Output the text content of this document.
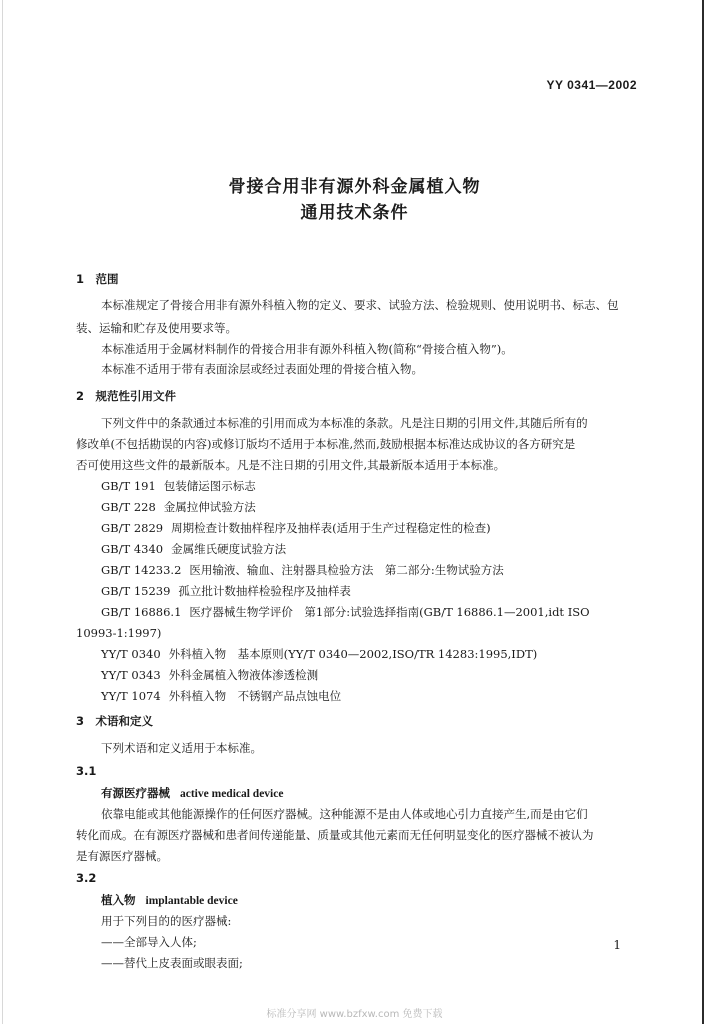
YY 0341—2002
骨接合用非有源外科金属植入物
通用技术条件
1　范围
本标准规定了骨接合用非有源外科植入物的定义、要求、试验方法、检验规则、使用说明书、标志、包
装、运输和贮存及使用要求等。
本标准适用于金属材料制作的骨接合用非有源外科植入物(简称“骨接合植入物”)。
本标准不适用于带有表面涂层或经过表面处理的骨接合植入物。
2　规范性引用文件
下列文件中的条款通过本标准的引用而成为本标准的条款。凡是注日期的引用文件,其随后所有的
修改单(不包括勘误的内容)或修订版均不适用于本标准,然而,鼓励根据本标准达成协议的各方研究是
否可使用这些文件的最新版本。凡是不注日期的引用文件,其最新版本适用于本标准。
GB/T 191 包装储运图示标志
GB/T 228 金属拉伸试验方法
GB/T 2829 周期检查计数抽样程序及抽样表(适用于生产过程稳定性的检查)
GB/T 4340 金属维氏硬度试验方法
GB/T 14233.2 医用输液、输血、注射器具检验方法　第二部分:生物试验方法
GB/T 15239 孤立批计数抽样检验程序及抽样表
GB/T 16886.1 医疗器械生物学评价　第1部分:试验选择指南(GB/T 16886.1—2001,idt ISO
10993-1:1997)
YY/T 0340 外科植入物　基本原则(YY/T 0340—2002,ISO/TR 14283:1995,IDT)
YY/T 0343 外科金属植入物液体渗透检测
YY/T 1074 外科植入物　不锈钢产品点蚀电位
3　术语和定义
下列术语和定义适用于本标准。
3.1
有源医疗器械 active medical device
依靠电能或其他能源操作的任何医疗器械。这种能源不是由人体或地心引力直接产生,而是由它们
转化而成。在有源医疗器械和患者间传递能量、质量或其他元素而无任何明显变化的医疗器械不被认为
是有源医疗器械。
3.2
植入物 implantable device
用于下列目的的医疗器械:
——全部导入人体;
——替代上皮表面或眼表面;
1
标准分享网 www.bzfxw.com 免费下载
